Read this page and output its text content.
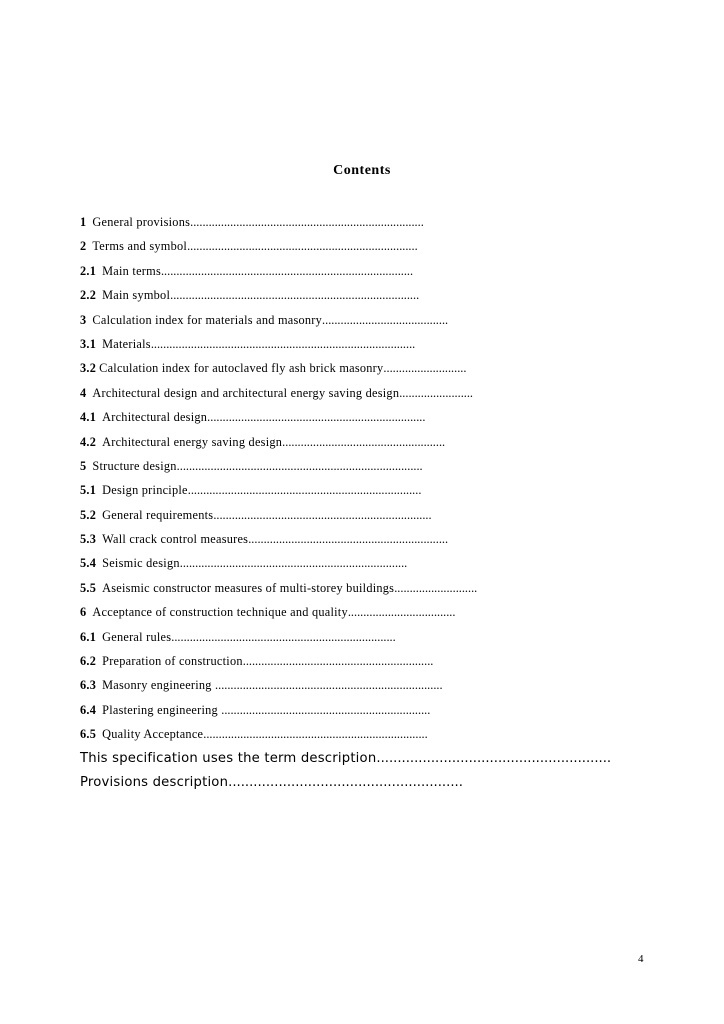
Contents
1 General provisions............................................................................
2 Terms and symbol...........................................................................
2.1 Main terms..................................................................................
2.2 Main symbol.................................................................................
3 Calculation index for materials and masonry.........................................
3.1 Materials......................................................................................
3.2 Calculation index for autoclaved fly ash brick masonry...........................
4 Architectural design and architectural energy saving design........................
4.1 Architectural design.......................................................................
4.2 Architectural energy saving design.....................................................
5 Structure design................................................................................
5.1 Design principle............................................................................
5.2 General requirements.......................................................................
5.3 Wall crack control measures.................................................................
5.4 Seismic design..........................................................................
5.5 Aseismic constructor measures of multi-storey buildings...........................
6 Acceptance of construction technique and quality...................................
6.1 General rules.........................................................................
6.2 Preparation of construction..............................................................
6.3 Masonry engineering ..........................................................................
6.4 Plastering engineering ....................................................................
6.5 Quality Acceptance.........................................................................
This specification uses the term description........................................................
Provisions description........................................................
4
